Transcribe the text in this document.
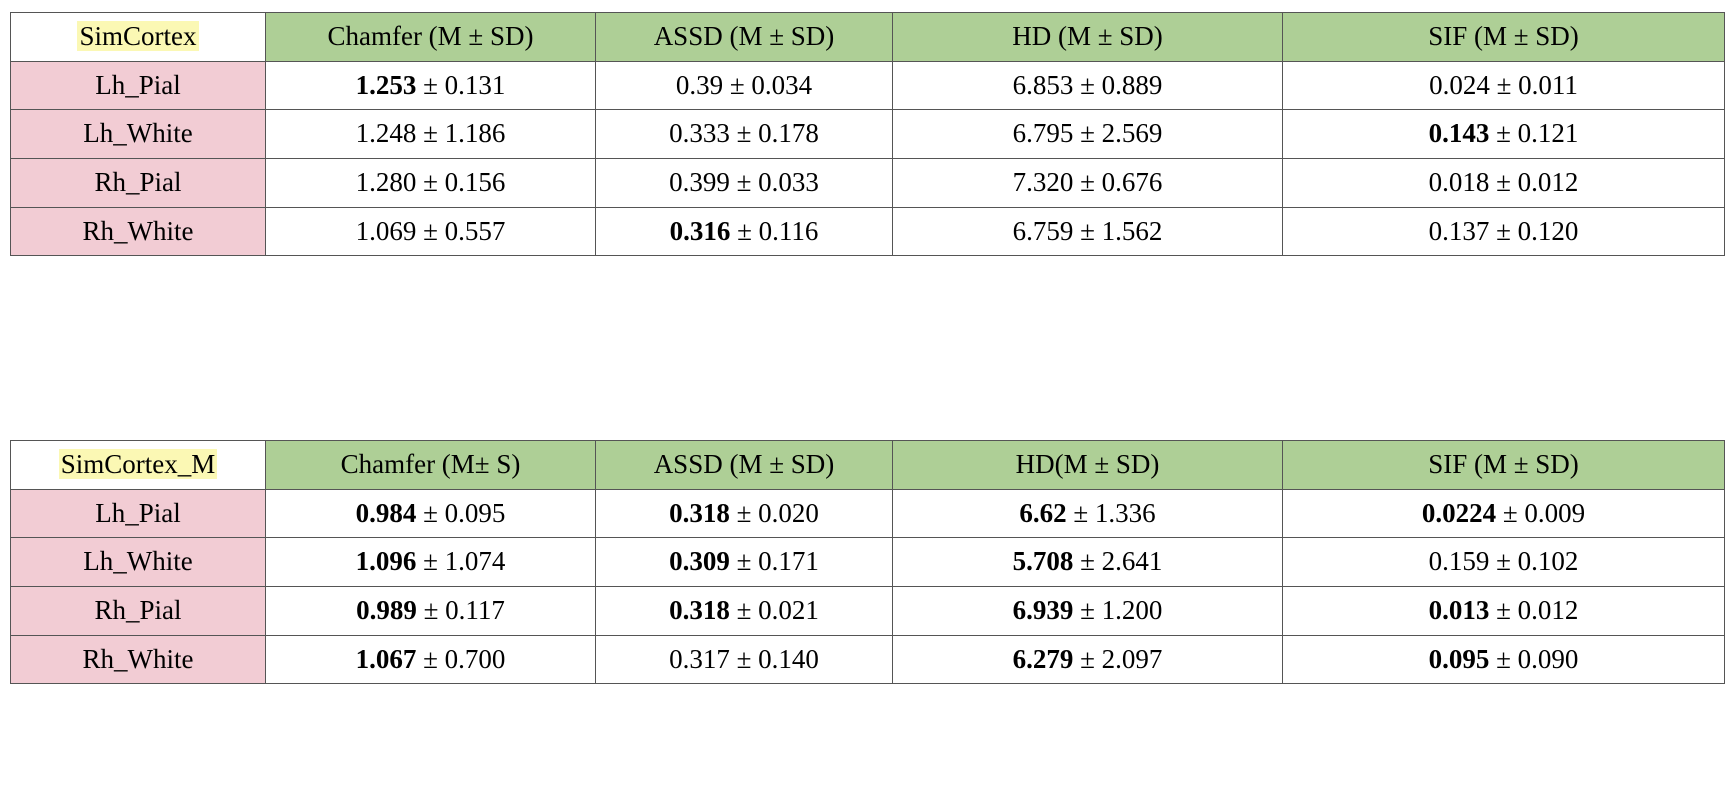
SimCortex	Chamfer (M ± SD)	ASSD (M ± SD)	HD (M ± SD)	SIF (M ± SD)
Lh_Pial	1.253 ± 0.131	0.39 ± 0.034	6.853 ± 0.889	0.024 ± 0.011
Lh_White	1.248 ± 1.186	0.333 ± 0.178	6.795 ± 2.569	0.143 ± 0.121
Rh_Pial	1.280 ± 0.156	0.399 ± 0.033	7.320 ± 0.676	0.018 ± 0.012
Rh_White	1.069 ± 0.557	0.316 ± 0.116	6.759 ± 1.562	0.137 ± 0.120
SimCortex_M	Chamfer (M± S)	ASSD (M ± SD)	HD(M ± SD)	SIF (M ± SD)
Lh_Pial	0.984 ± 0.095	0.318 ± 0.020	6.62 ± 1.336	0.0224 ± 0.009
Lh_White	1.096 ± 1.074	0.309 ± 0.171	5.708 ± 2.641	0.159 ± 0.102
Rh_Pial	0.989 ± 0.117	0.318 ± 0.021	6.939 ± 1.200	0.013 ± 0.012
Rh_White	1.067 ± 0.700	0.317 ± 0.140	6.279 ± 2.097	0.095 ± 0.090
